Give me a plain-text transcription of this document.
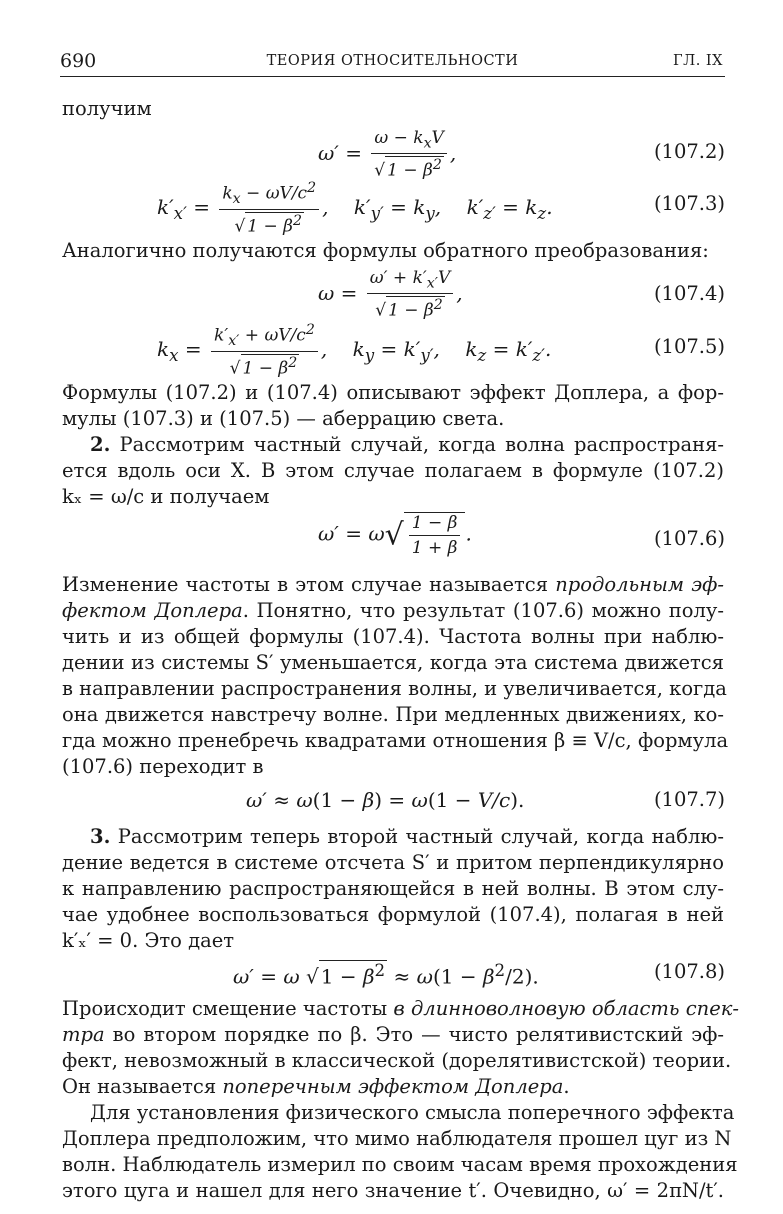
690	ТЕОРИЯ ОТНОСИТЕЛЬНОСТИ	ГЛ. IX
получим
$\omega' = \frac{\omega - k_xV}{√ 1 - \beta^2}$ ,	(107.2)
$k'_{x'} = \frac{k_x - \omega V/c^2}{√ 1 - \beta^2}$ ,    $k'_{y'} = k_y$,    $k'_{z'} = k_z$.	(107.3)
Аналогично получаются формулы обратного преобразования:
$\omega = \frac{\omega' + k'_{x'}V}{√ 1 - \beta^2}$ ,	(107.4)
$k_x = \frac{k'_{x'} + \omega V/c^2}{√ 1 - \beta^2}$ ,    $k_y = k'_{y'}$,    $k_z = k'_{z'}$.	(107.5)
Формулы (107.2) и (107.4) описывают эффект Доплера, а фор-
мулы (107.3) и (107.5) — аберрацию света.
2. Рассмотрим частный случай, когда волна распространя-
ется вдоль оси X. В этом случае полагаем в формуле (107.2)
kₓ = ω/c и получаем
$\omega' = \omega√ \frac{1 - \beta}{1 + \beta}$ .	(107.6)
Изменение частоты в этом случае называется продольным эф-
фектом Доплера. Понятно, что результат (107.6) можно полу-
чить и из общей формулы (107.4). Частота волны при наблю-
дении из системы S′ уменьшается, когда эта система движется
в направлении распространения волны, и увеличивается, когда
она движется навстречу волне. При медленных движениях, ко-
гда можно пренебречь квадратами отношения β ≡ V/c, формула
(107.6) переходит в
ω′ ≈ ω(1 − β) = ω(1 − V/c).	(107.7)
3. Рассмотрим теперь второй частный случай, когда наблю-
дение ведется в системе отсчета S′ и притом перпендикулярно
к направлению распространяющейся в ней волны. В этом слу-
чае удобнее воспользоваться формулой (107.4), полагая в ней
k′ₓ′ = 0. Это дает
ω′ = ω √ $1 - \beta^2 \approx \omega(1 - \beta^2/2)$.	(107.8)
Происходит смещение частоты в длинноволновую область спек-
тра во втором порядке по β. Это — чисто релятивистский эф-
фект, невозможный в классической (дорелятивистской) теории.
Он называется поперечным эффектом Доплера.
Для установления физического смысла поперечного эффекта
Доплера предположим, что мимо наблюдателя прошел цуг из N
волн. Наблюдатель измерил по своим часам время прохождения
этого цуга и нашел для него значение t′. Очевидно, ω′ = 2πN/t′.
